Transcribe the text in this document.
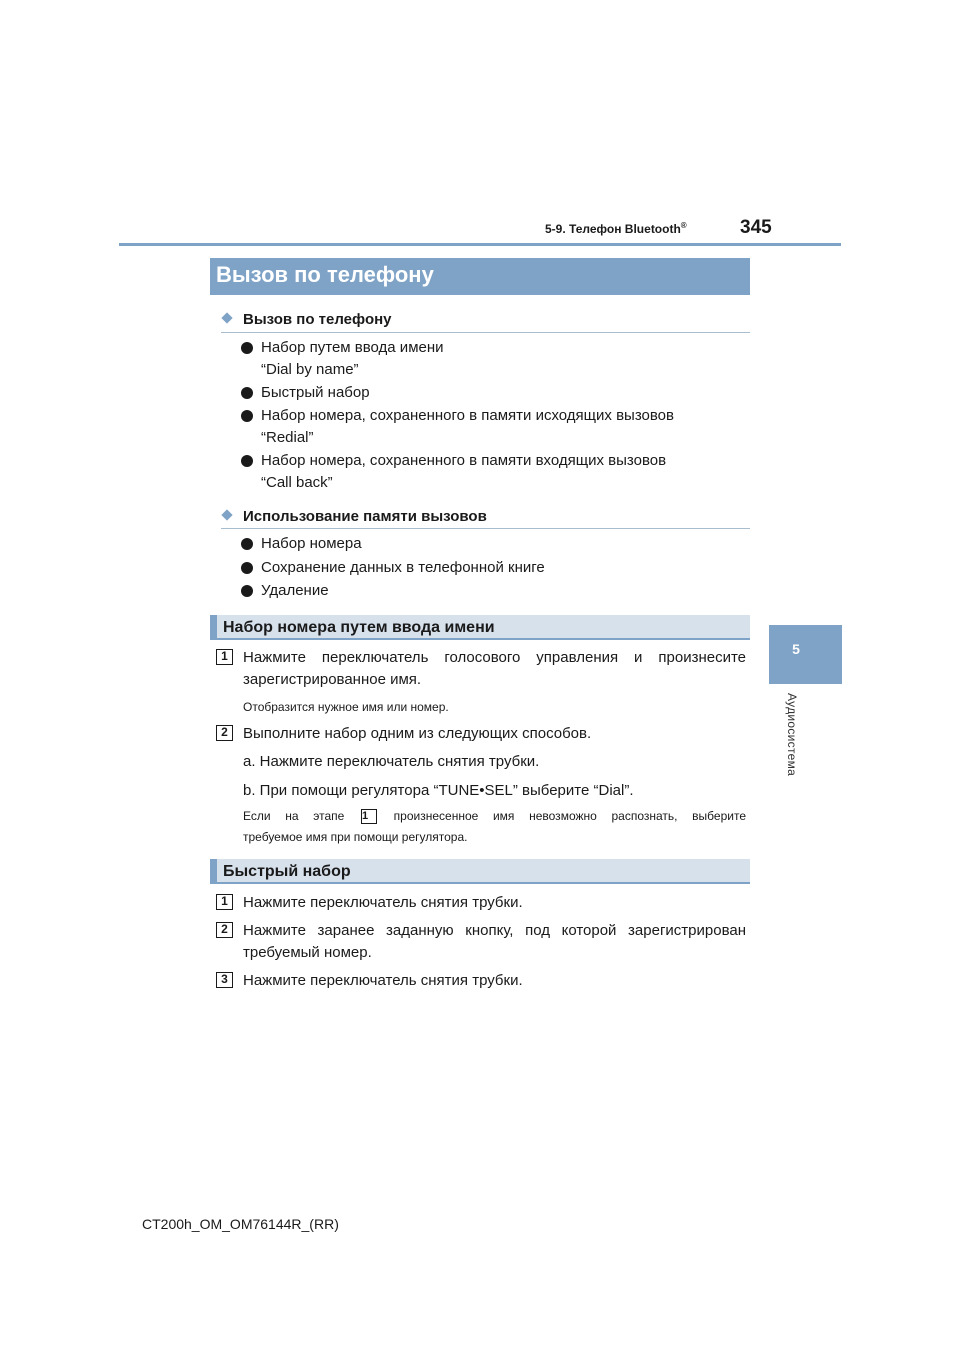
5-9. Телефон Bluetooth®	345
5
Аудиосистема
Вызов по телефону
Вызов по телефону
Набор путем ввода имени
“Dial by name”
Быстрый набор
Набор номера, сохраненного в памяти исходящих вызовов
“Redial”
Набор номера, сохраненного в памяти входящих вызовов
“Call back”
Использование памяти вызовов
Набор номера
Сохранение данных в телефонной книге
Удаление
Набор номера путем ввода имени
1	Нажмите переключатель голосового управления и произнесите
зарегистрированное имя.
Отобразится нужное имя или номер.
2	Выполните набор одним из следующих способов.
a. Нажмите переключатель снятия трубки.
b. При помощи регулятора “TUNE•SEL” выберите “Dial”.
Если на этапе 1 произнесенное имя невозможно распознать, выберите
требуемое имя при помощи регулятора.
Быстрый набор
1	Нажмите переключатель снятия трубки.
2	Нажмите заранее заданную кнопку, под которой зарегистрирован
требуемый номер.
3	Нажмите переключатель снятия трубки.
CT200h_OM_OM76144R_(RR)
